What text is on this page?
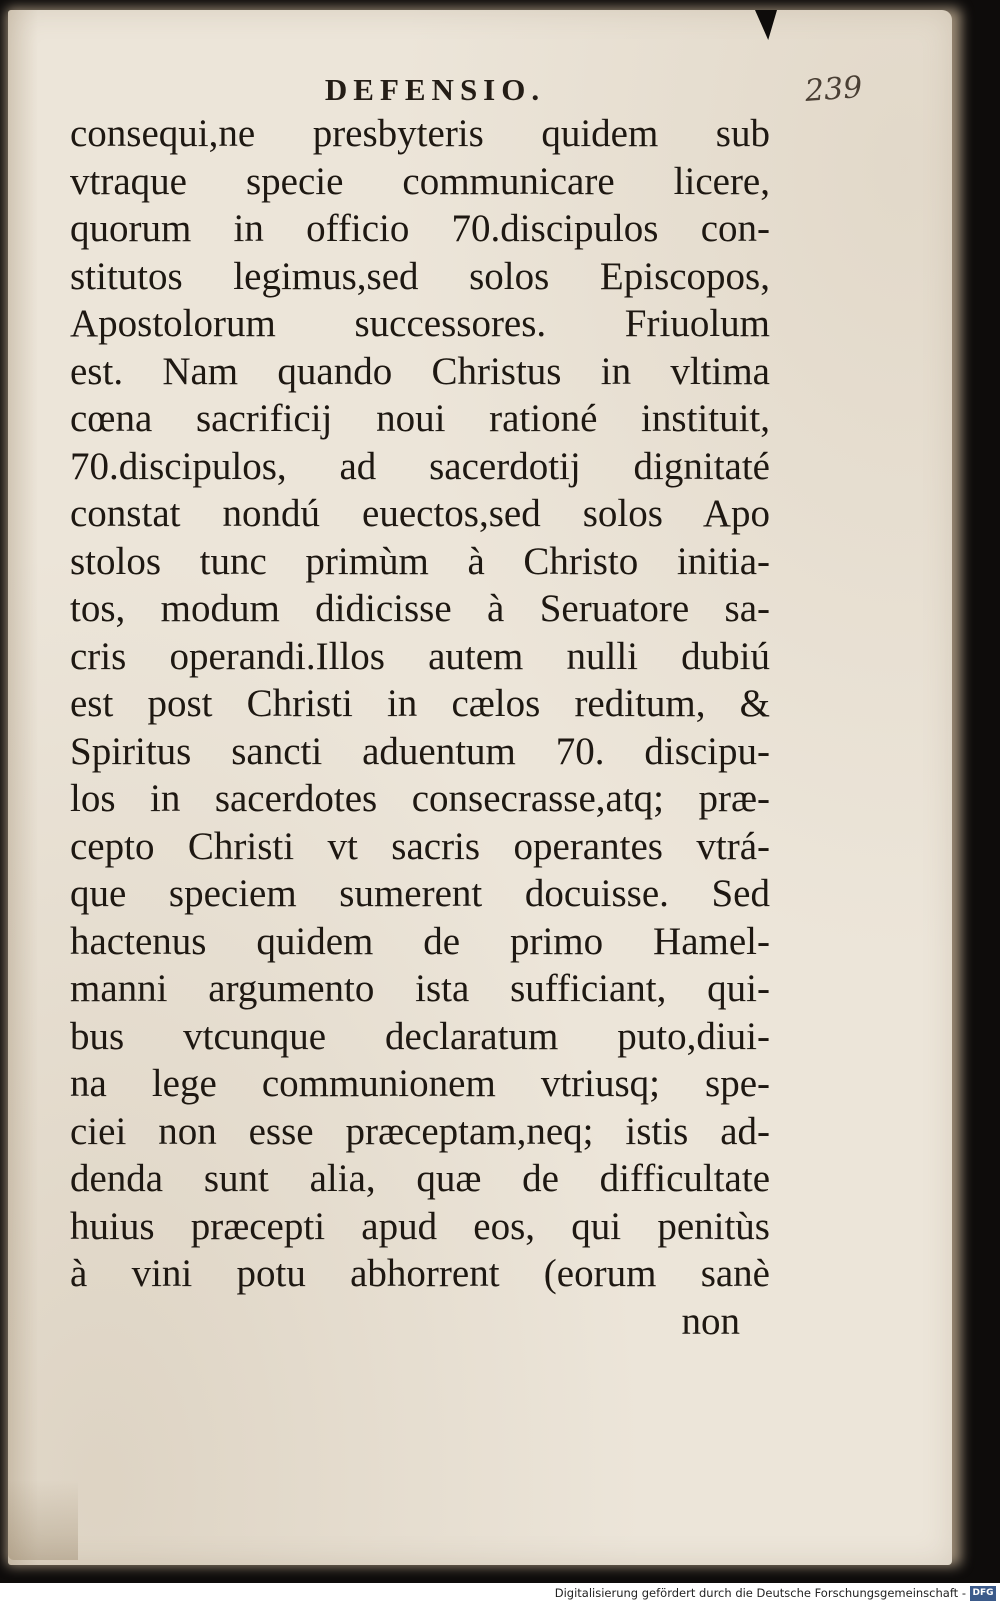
DEFENSIO.	239
consequi,ne presbyteris quidem sub
vtraque specie communicare licere,
quorum in officio 70.discipulos con-
stitutos legimus,sed solos Episcopos,
Apostolorum successores. Friuolum
est. Nam quando Christus in vltima
cœna sacrificij noui rationé instituit,
70.discipulos, ad sacerdotij dignitaté
constat nondú euectos,sed solos Apo
stolos tunc primùm à Christo initia-
tos, modum didicisse à Seruatore sa-
cris operandi.Illos autem nulli dubiú
est post Christi in cælos reditum, &
Spiritus sancti aduentum 70. discipu-
los in sacerdotes consecrasse,atq; præ-
cepto Christi vt sacris operantes vtrá-
que speciem sumerent docuisse. Sed
hactenus quidem de primo Hamel-
manni argumento ista sufficiant, qui-
bus vtcunque declaratum puto,diui-
na lege communionem vtriusq; spe-
ciei non esse præceptam,neq; istis ad-
denda sunt alia, quæ de difficultate
huius præcepti apud eos, qui penitùs
à vini potu abhorrent (eorum sanè
non
Digitalisierung gefördert durch die Deutsche Forschungsgemeinschaft - DFG
